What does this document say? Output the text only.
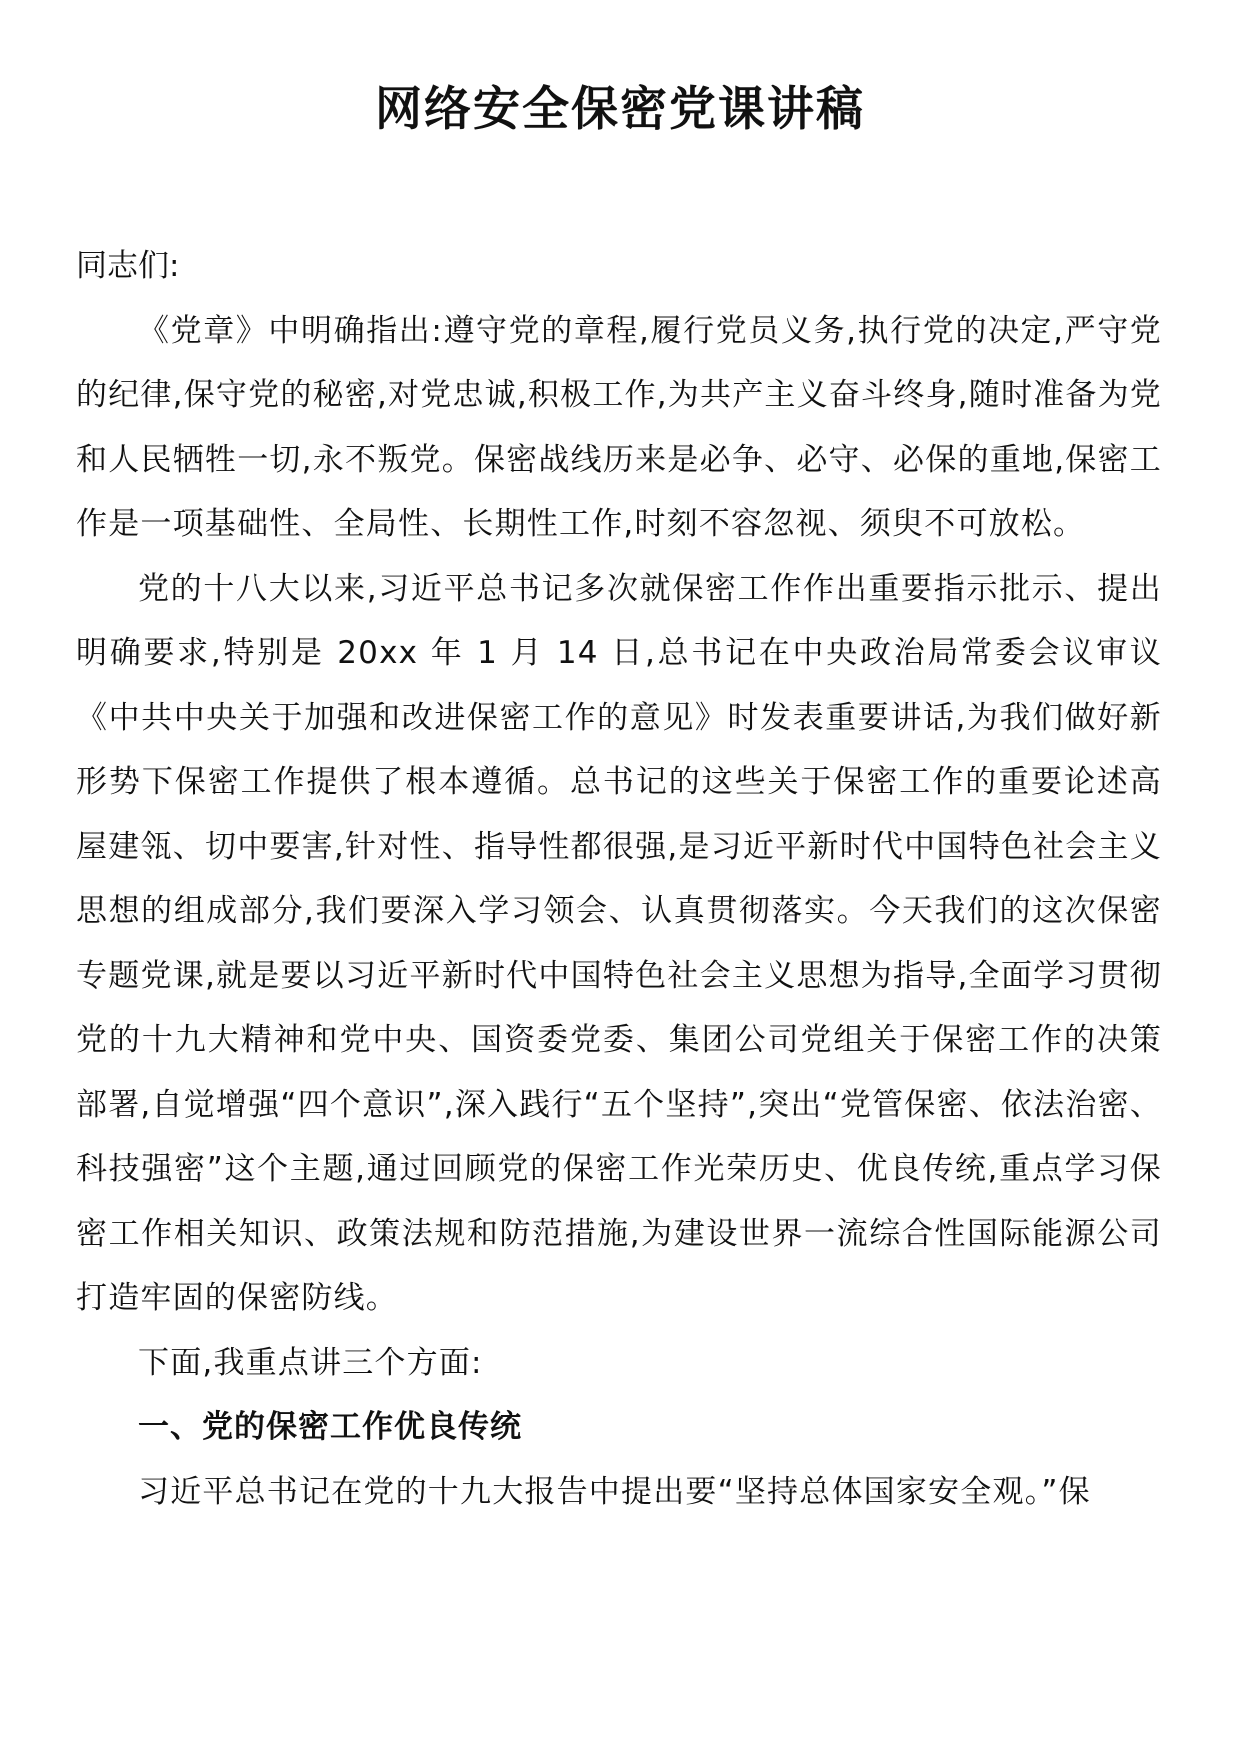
网络安全保密党课讲稿

同志们:

《党章》中明确指出:遵守党的章程,履行党员义务,执行党的决定,严守党的纪律,保守党的秘密,对党忠诚,积极工作,为共产主义奋斗终身,随时准备为党和人民牺牲一切,永不叛党。保密战线历来是必争、必守、必保的重地,保密工作是一项基础性、全局性、长期性工作,时刻不容忽视、须臾不可放松。

党的十八大以来,习近平总书记多次就保密工作作出重要指示批示、提出明确要求,特别是 20xx 年 1 月 14 日,总书记在中央政治局常委会议审议《中共中央关于加强和改进保密工作的意见》时发表重要讲话,为我们做好新形势下保密工作提供了根本遵循。总书记的这些关于保密工作的重要论述高屋建瓴、切中要害,针对性、指导性都很强,是习近平新时代中国特色社会主义思想的组成部分,我们要深入学习领会、认真贯彻落实。今天我们的这次保密专题党课,就是要以习近平新时代中国特色社会主义思想为指导,全面学习贯彻党的十九大精神和党中央、国资委党委、集团公司党组关于保密工作的决策部署,自觉增强“四个意识”,深入践行“五个坚持”,突出“党管保密、依法治密、科技强密”这个主题,通过回顾党的保密工作光荣历史、优良传统,重点学习保密工作相关知识、政策法规和防范措施,为建设世界一流综合性国际能源公司打造牢固的保密防线。

下面,我重点讲三个方面:

一、党的保密工作优良传统

习近平总书记在党的十九大报告中提出要“坚持总体国家安全观。”保
